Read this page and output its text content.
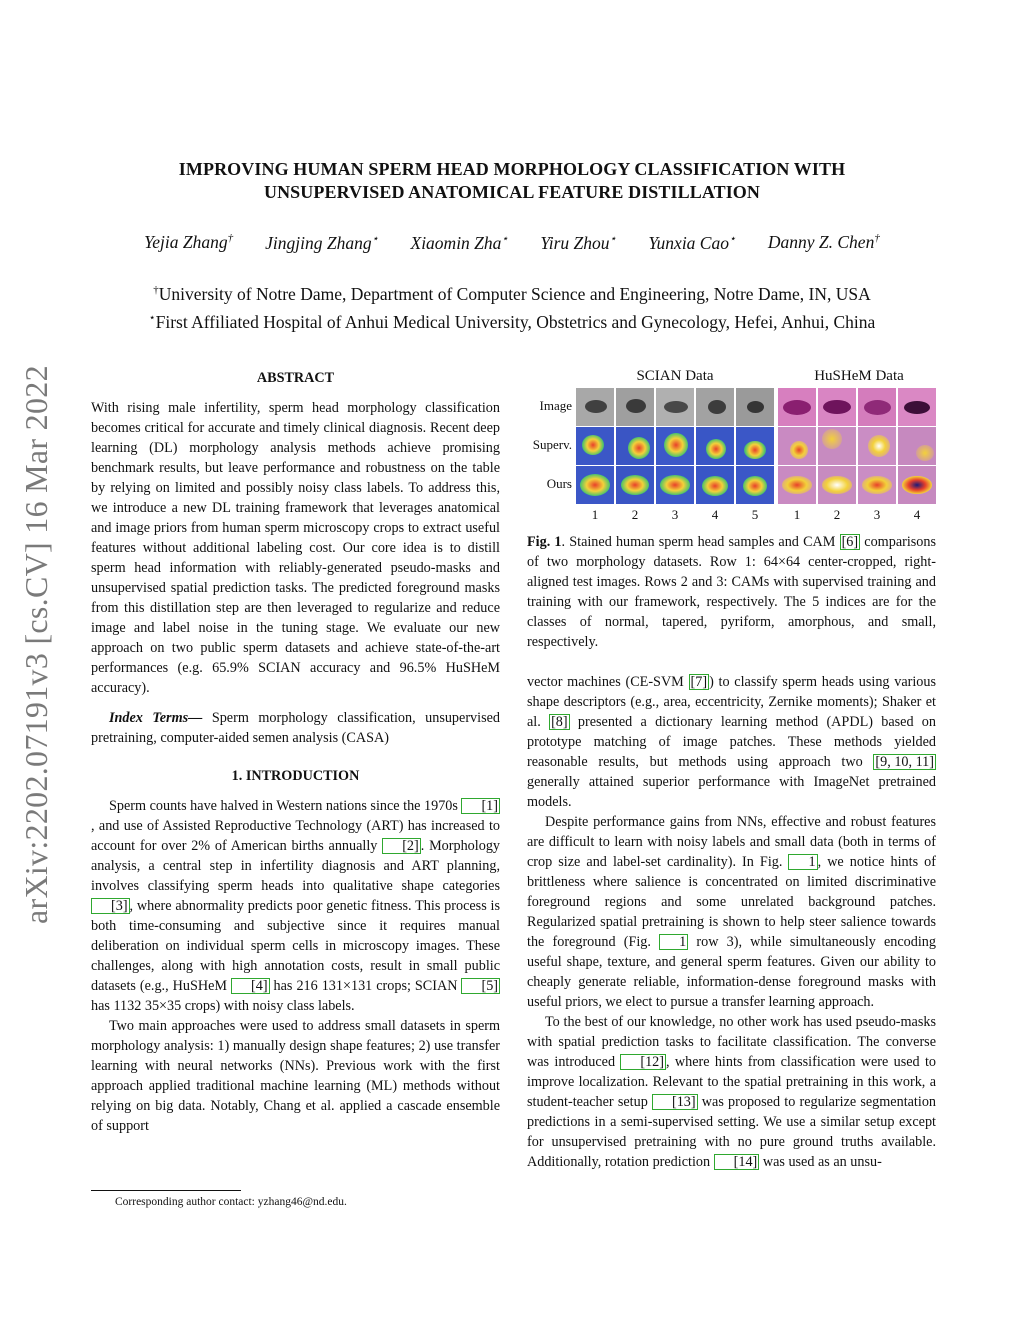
arXiv:2202.07191v3 [cs.CV] 16 Mar 2022
IMPROVING HUMAN SPERM HEAD MORPHOLOGY CLASSIFICATION WITH
UNSUPERVISED ANATOMICAL FEATURE DISTILLATION
Yejia Zhang† Jingjing Zhang⋆ Xiaomin Zha⋆ Yiru Zhou⋆ Yunxia Cao⋆ Danny Z. Chen†
†University of Notre Dame, Department of Computer Science and Engineering, Notre Dame, IN, USA
⋆First Affiliated Hospital of Anhui Medical University, Obstetrics and Gynecology, Hefei, Anhui, China
ABSTRACT

With rising male infertility, sperm head morphology classification becomes critical for accurate and timely clinical diagnosis. Recent deep learning (DL) morphology analysis methods achieve promising benchmark results, but leave performance and robustness on the table by relying on limited and possibly noisy class labels. To address this, we introduce a new DL training framework that leverages anatomical and image priors from human sperm microscopy crops to extract useful features without additional labeling cost. Our core idea is to distill sperm head information with reliably-generated pseudo-masks and unsupervised spatial prediction tasks. The predicted foreground masks from this distillation step are then leveraged to regularize and reduce image and label noise in the tuning stage. We evaluate our new approach on two public sperm datasets and achieve state-of-the-art performances (e.g. 65.9% SCIAN accuracy and 96.5% HuSHeM accuracy).

Index Terms— Sperm morphology classification, unsupervised pretraining, computer-aided semen analysis (CASA)

1. INTRODUCTION

Sperm counts have halved in Western nations since the 1970s [1], and use of Assisted Reproductive Technology (ART) has increased to account for over 2% of American births annually [2] . Morphology analysis, a central step in infertility diagnosis and ART planning, involves classifying sperm heads into qualitative shape categories [3] , where abnormality predicts poor genetic fitness. This process is both time-consuming and subjective since it requires manual deliberation on individual sperm cells in microscopy images. These challenges, along with high annotation costs, result in small public datasets (e.g., HuSHeM [4] has 216 131×131 crops; SCIAN [5] has 1132 35×35 crops) with noisy class labels.

Two main approaches were used to address small datasets in sperm morphology analysis: 1) manually design shape features; 2) use transfer learning with neural networks (NNs). Previous work with the first approach applied traditional machine learning (ML) methods without relying on big data. Notably, Chang et al. applied a cascade ensemble of support

Corresponding author contact: yzhang46@nd.edu.
SCIAN Data	HuSHeM Data
Image
Superv.
Ours
1	2	3	4	5	1	2	3	4
Fig. 1. Stained human sperm head samples and CAM [6] comparisons of two morphology datasets. Row 1: 64×64 center-cropped, right-aligned test images. Rows 2 and 3: CAMs with supervised training and training with our framework, respectively. The 5 indices are for the classes of normal, tapered, pyriform, amorphous, and small, respectively.

vector machines (CE-SVM [7] ) to classify sperm heads using various shape descriptors (e.g., area, eccentricity, Zernike moments); Shaker et al. [8] presented a dictionary learning method (APDL) based on prototype matching of image patches. These methods yielded reasonable results, but methods using approach two [9, 10, 11] generally attained superior performance with ImageNet pretrained models.

Despite performance gains from NNs, effective and robust features are difficult to learn with noisy labels and small data (both in terms of crop size and label-set cardinality). In Fig. 1 , we notice hints of brittleness where salience is concentrated on limited discriminative foreground regions and some unrelated background patches. Regularized spatial pretraining is shown to help steer salience towards the foreground (Fig. 1 row 3), while simultaneously encoding useful shape, texture, and general sperm features. Given our ability to cheaply generate reliable, information-dense foreground masks with useful priors, we elect to pursue a transfer learning approach.

To the best of our knowledge, no other work has used pseudo-masks with spatial prediction tasks to facilitate classification. The converse was introduced [12] , where hints from classification were used to improve localization. Relevant to the spatial pretraining in this work, a student-teacher setup [13] was proposed to regularize segmentation predictions in a semi-supervised setting. We use a similar setup except for unsupervised pretraining with no pure ground truths available. Additionally, rotation prediction [14] was used as an unsu-
